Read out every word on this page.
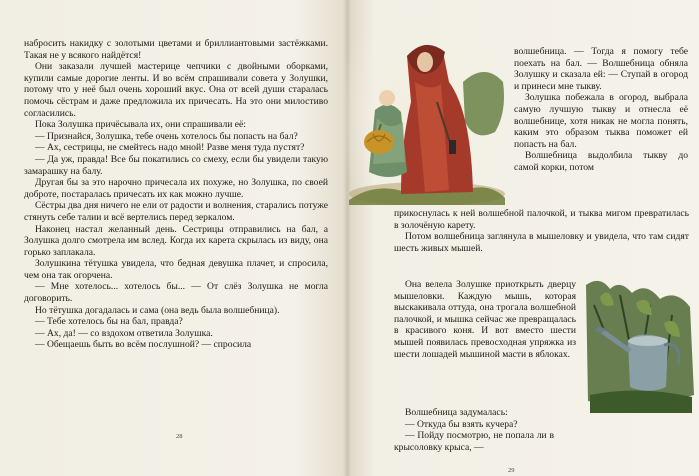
набросить накидку с золотыми цветами и бриллиантовыми застёжками. Такая не у всякого найдётся!

Они заказали лучшей мастерице чепчики с двойными оборками, купили самые дорогие ленты. И во всём спрашивали совета у Золушки, потому что у неё был очень хороший вкус. Она от всей души старалась помочь сёстрам и даже предложила их причесать. На это они милостиво согласились.

Пока Золушка причёсывала их, они спрашивали её:

— Признайся, Золушка, тебе очень хотелось бы попасть на бал?

— Ах, сестрицы, не смейтесь надо мной! Разве меня туда пустят?

— Да уж, правда! Все бы покатились со смеху, если бы увидели такую замарашку на балу.

Другая бы за это нарочно причесала их похуже, но Золушка, по своей доброте, постаралась причесать их как можно лучше.

Сёстры два дня ничего не ели от радости и волнения, старались потуже стянуть себе талии и всё вертелись перед зеркалом.

Наконец настал желанный день. Сестрицы отправились на бал, а Золушка долго смотрела им вслед. Когда их карета скрылась из виду, она горько заплакала.

Золушкина тётушка увидела, что бедная девушка плачет, и спросила, чем она так огорчена.

— Мне хотелось... хотелось бы... — От слёз Золушка не могла договорить.

Но тётушка догадалась и сама (она ведь была волшебница).

— Тебе хотелось бы на бал, правда?

— Ах, да! — со вздохом ответила Золушка.

— Обещаешь быть во всём послушной? — спросила

28

волшебница. — Тогда я помогу тебе поехать на бал. — Волшебница обняла Золушку и сказала ей: — Ступай в огород и принеси мне тыкву.

Золушка побежала в огород, выбрала самую лучшую тыкву и отнесла её волшебнице, хотя никак не могла понять, каким это образом тыква поможет ей попасть на бал.

Волшебница выдолбила тыкву до самой корки, потом

прикоснулась к ней волшебной палочкой, и тыква мигом превратилась в золочёную карету.

Потом волшебница заглянула в мышеловку и увидела, что там сидят шесть живых мышей.

Она велела Золушке приоткрыть дверцу мышеловки. Каждую мышь, которая выскакивала оттуда, она трогала волшебной палочкой, и мышка сейчас же превращалась в красивого коня. И вот вместо шести мышей появилась превосходная упряжка из шести лошадей мышиной масти в яблоках.

Волшебница задумалась:

— Откуда бы взять кучера?

— Пойду посмотрю, не попала ли в крысоловку крыса, —

29
